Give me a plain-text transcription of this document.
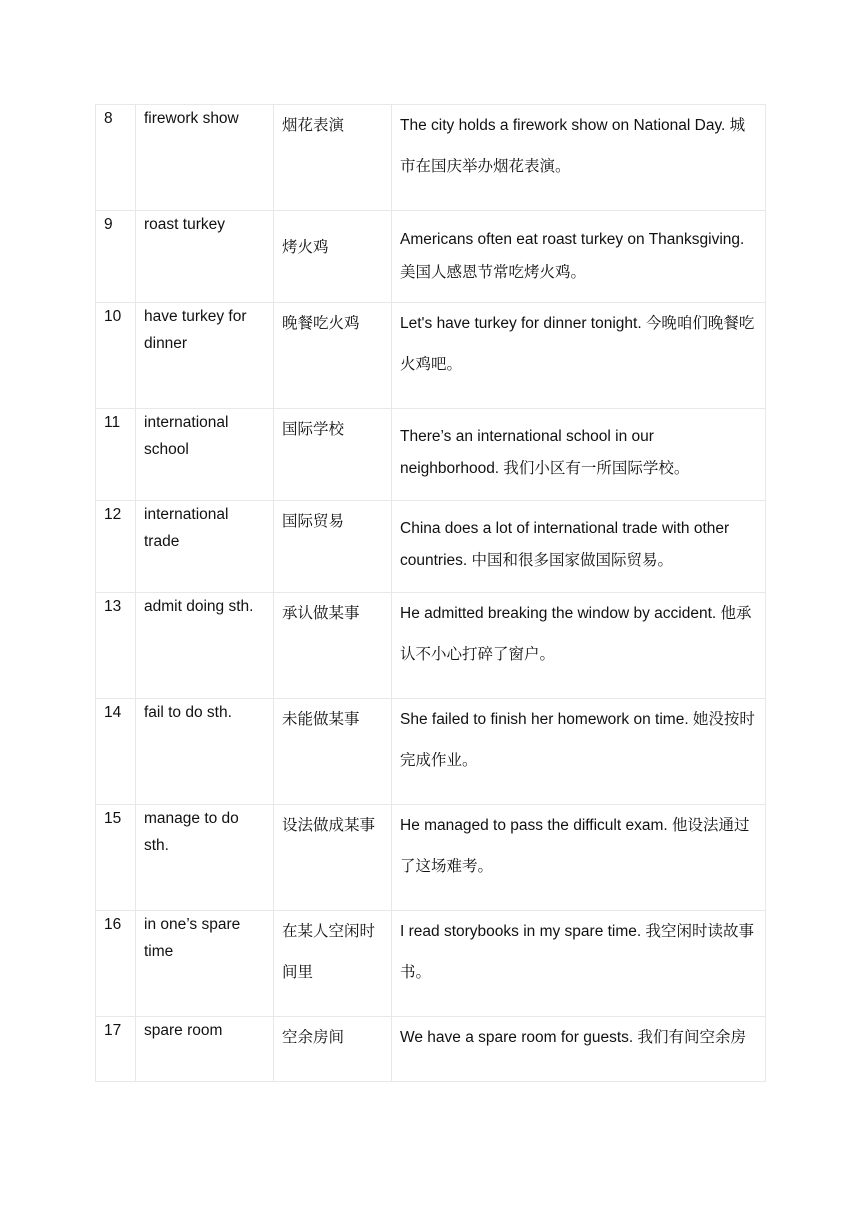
8	firework show	烟花表演	The city holds a firework show on National Day. 城市在国庆举办烟花表演。
9	roast turkey	烤火鸡	Americans often eat roast turkey on Thanksgiving. 美国人感恩节常吃烤火鸡。
10	have turkey for dinner	晚餐吃火鸡	Let's have turkey for dinner tonight. 今晚咱们晚餐吃火鸡吧。
11	international school	国际学校	There’s an international school in our neighborhood. 我们小区有一所国际学校。
12	international trade	国际贸易	China does a lot of international trade with other countries. 中国和很多国家做国际贸易。
13	admit doing sth.	承认做某事	He admitted breaking the window by accident. 他承认不小心打碎了窗户。
14	fail to do sth.	未能做某事	She failed to finish her homework on time. 她没按时完成作业。
15	manage to do sth.	设法做成某事	He managed to pass the difficult exam. 他设法通过了这场难考。
16	in one’s spare time	在某人空闲时间里	I read storybooks in my spare time. 我空闲时读故事书。
17	spare room	空余房间	We have a spare room for guests. 我们有间空余房
